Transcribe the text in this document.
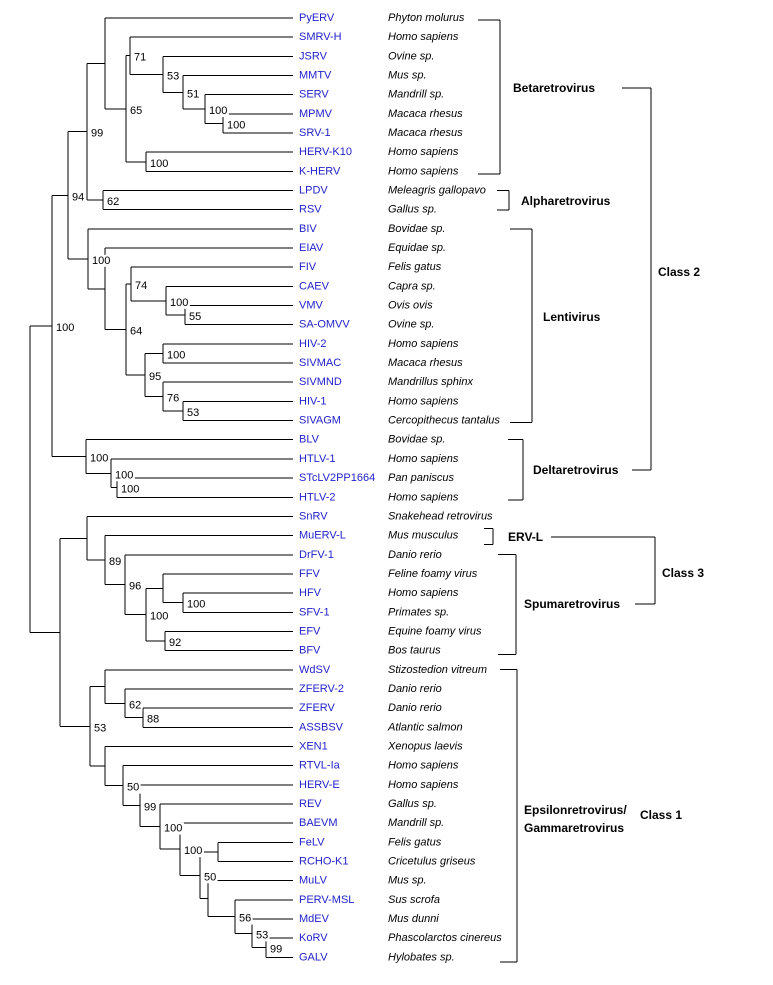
100
100
51
53
71
100
65
62
99
55
100
74
100
53
76
95
64
100
94
100
100
100
100
100
92
100
96
89
88
62
99
53
56
50
100
100
99
50
53
PyERV	Phyton molurus
SMRV-H	Homo sapiens
JSRV	Ovine sp.
MMTV	Mus sp.
SERV	Mandrill sp.
MPMV	Macaca rhesus
SRV-1	Macaca rhesus
HERV-K10	Homo sapiens
K-HERV	Homo sapiens
LPDV	Meleagris gallopavo
RSV	Gallus sp.
BIV	Bovidae sp.
EIAV	Equidae sp.
FIV	Felis gatus
CAEV	Capra sp.
VMV	Ovis ovis
SA-OMVV	Ovine sp.
HIV-2	Homo sapiens
SIVMAC	Macaca rhesus
SIVMND	Mandrillus sphinx
HIV-1	Homo sapiens
SIVAGM	Cercopithecus tantalus
BLV	Bovidae sp.
HTLV-1	Homo sapiens
STcLV2PP1664 Pan paniscus
HTLV-2	Homo sapiens
SnRV	Snakehead retrovirus
MuERV-L	Mus musculus
DrFV-1	Danio rerio
FFV	Feline foamy virus
HFV	Homo sapiens
SFV-1	Primates sp.
EFV	Equine foamy virus
BFV	Bos taurus
WdSV	Stizostedion vitreum
ZFERV-2	Danio rerio
ZFERV	Danio rerio
ASSBSV	Atlantic salmon
XEN1	Xenopus laevis
RTVL-Ia	Homo sapiens
HERV-E	Homo sapiens
REV	Gallus sp.
BAEVM	Mandrill sp.
FeLV	Felis gatus
RCHO-K1	Cricetulus griseus
MuLV	Mus sp.
PERV-MSL	Sus scrofa
MdEV	Mus dunni
KoRV	Phascolarctos cinereus
GALV	Hylobates sp.
Betaretrovirus
Alpharetrovirus
Lentivirus
Deltaretrovirus
ERV-L
Spumaretrovirus
Epsilonretrovirus/
Gammaretrovirus
Class 2
Class 3
Class 1
